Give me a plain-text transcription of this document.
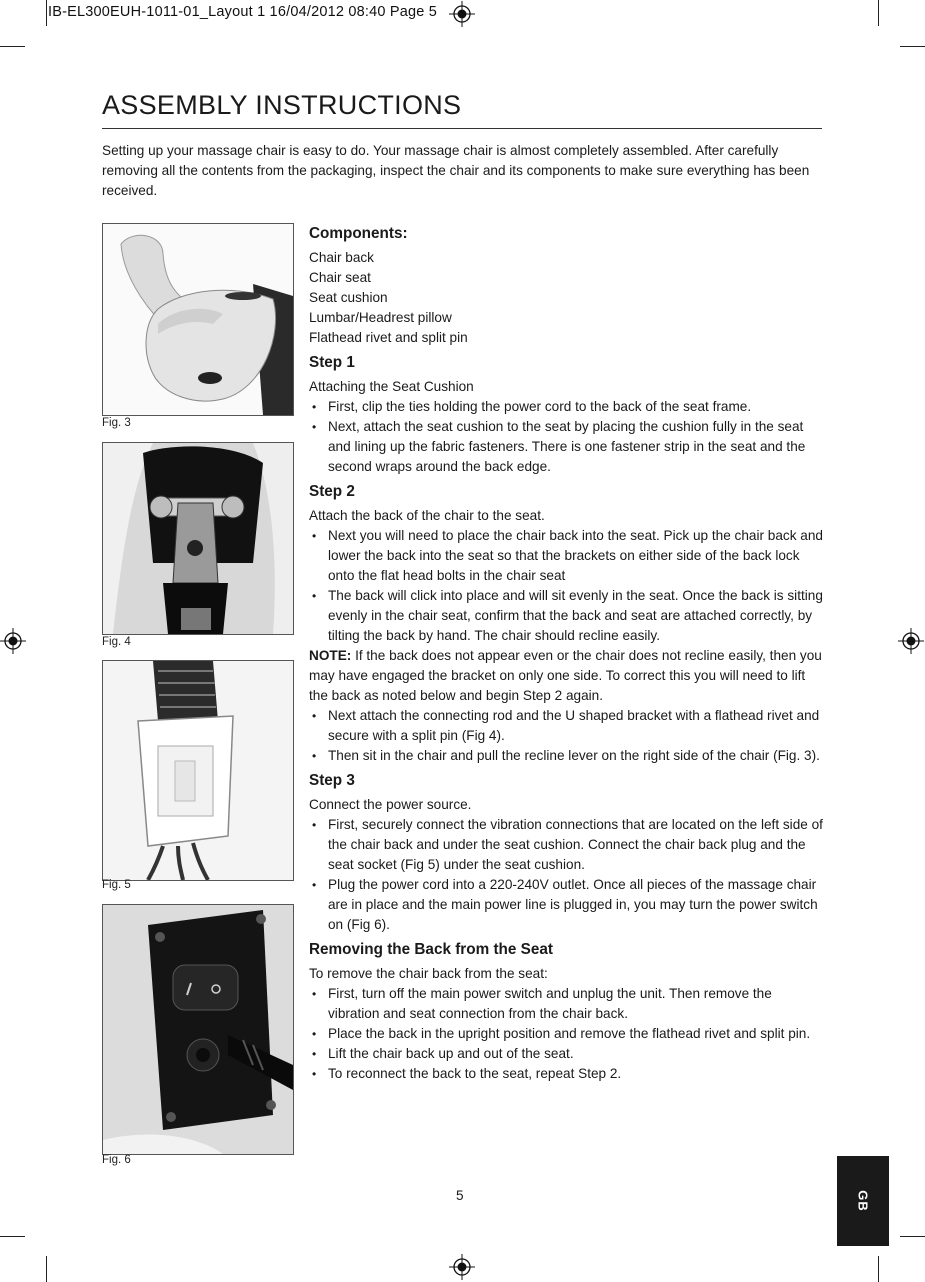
IB-EL300EUH-1011-01_Layout 1 16/04/2012 08:40 Page 5
ASSEMBLY INSTRUCTIONS

Setting up your massage chair is easy to do. Your massage chair is almost completely assembled. After carefully removing all the contents from the packaging, inspect the chair and its components to make sure everything has been received.

Fig. 3
Fig. 4
Fig. 5
Fig. 6
Components:

Chair back

Chair seat

Seat cushion

Lumbar/Headrest pillow

Flathead rivet and split pin

Step 1

Attaching the Seat Cushion

• First, clip the ties holding the power cord to the back of the seat frame.
• Next, attach the seat cushion to the seat by placing the cushion fully in the seat and lining up the fabric fasteners. There is one fastener strip in the seat and the second wraps around the back edge.
Step 2

Attach the back of the chair to the seat.

• Next you will need to place the chair back into the seat. Pick up the chair back and lower the back into the seat so that the brackets on either side of the back lock onto the flat head bolts in the chair seat
• The back will click into place and will sit evenly in the seat. Once the back is sitting evenly in the chair seat, confirm that the back and seat are attached correctly, by tilting the back by hand. The chair should recline easily.

NOTE: If the back does not appear even or the chair does not recline easily, then you may have engaged the bracket on only one side. To correct this you will need to lift the back as noted below and begin Step 2 again.

• Next attach the connecting rod and the U shaped bracket with a flathead rivet and secure with a split pin (Fig 4).
• Then sit in the chair and pull the recline lever on the right side of the chair (Fig. 3).
Step 3

Connect the power source.

• First, securely connect the vibration connections that are located on the left side of the chair back and under the seat cushion. Connect the chair back plug and the seat socket (Fig 5) under the seat cushion.
• Plug the power cord into a 220-240V outlet. Once all pieces of the massage chair are in place and the main power line is plugged in, you may turn the power switch on (Fig 6).
Removing the Back from the Seat

To remove the chair back from the seat:

• First, turn off the main power switch and unplug the unit. Then remove the vibration and seat connection from the chair back.
• Place the back in the upright position and remove the flathead rivet and split pin.
• Lift the chair back up and out of the seat.
• To reconnect the back to the seat, repeat Step 2.
5	GB
